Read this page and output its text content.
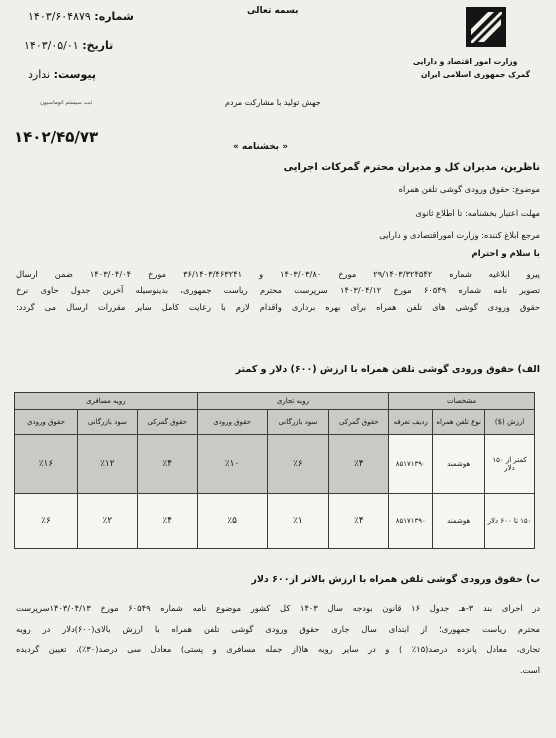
بسمه تعالی
شماره: ۱۴۰۳/۶۰۴۸۷۹
تاریخ: ۱۴۰۳/۰۵/۰۱
پیوست: ندارد
ثبت سیستم اتوماسیون
وزارت امور اقتصاد و دارایی
گمرک جمهوری اسلامی ایران
جهش تولید با مشارکت مردم
۱۴۰۲/۴۵/۷۳
« بخشنامه »
ناظرین، مدیران کل و مدیران محترم گمرکات اجرایی
موضوع: حقوق ورودی گوشی تلفن همراه
مهلت اعتبار بخشنامه: تا اطلاع ثانوی
مرجع ابلاغ کننده: وزارت اموراقتصادی و دارایی
با سلام و احترام
پیرو ابلاغیه شماره ۲۹/۱۴۰۳/۳۲۴۵۴۲ مورخ ۱۴۰۳/۰۳/۸۰ و ۳۶/۱۴۰۳/۴۶۳۲۴۱ مورخ ۱۴۰۳/۰۴/۰۴ ضمن ارسال
تصویر نامه شماره ۶۰۵۴۹ مورخ ۱۴۰۳/۰۴/۱۲ سرپرست محترم ریاست جمهوری، بدینوسیله آخرین جدول حاوی نرخ
حقوق ورودی گوشی های تلفن همراه برای بهره برداری واقدام لازم با رعایت کامل سایر مقررات ارسال می گردد:
الف) حقوق ورودی گوشی تلفن همراه با ارزش (۶۰۰) دلار و کمتر
مشخصات			رویه تجاری			رویه مسافری		
ارزش ($)	نوع تلفن همراه	ردیف تعرفه	حقوق گمرکی	سود بازرگانی	حقوق ورودی	حقوق گمرکی	سود بازرگانی	حقوق ورودی
کمتر از ۱۵۰ دلار	هوشمند	۸۵۱۷۱۳۹۰	٪۴	٪۶	٪۱۰	٪۴	٪۱۲	٪۱۶
۱۵۰ تا ۶۰۰ دلار	هوشمند	۸۵۱۷۱۳۹۰	٪۴	٪۱	٪۵	٪۴	٪۲	٪۶
ب) حقوق ورودی گوشی تلفن همراه با ارزش بالاتر از۶۰۰ دلار
در اجرای بند ۳-هـ جدول ۱۶ قانون بودجه سال ۱۴۰۳ کل کشور موضوع نامه شماره ۶۰۵۴۹ مورخ ۱۴۰۳/۰۴/۱۳سرپرست
محترم ریاست جمهوری؛ از ابتدای سال جاری حقوق ورودی گوشی تلفن همراه با ارزش بالای(۶۰۰)دلار در رویه
تجاری، معادل پانزده درصد(۱۵٪ ) و در سایر رویه ها(از جمله مسافری و پستی) معادل سی درصد(۳۰٪)، تعیین گردیده
است.
